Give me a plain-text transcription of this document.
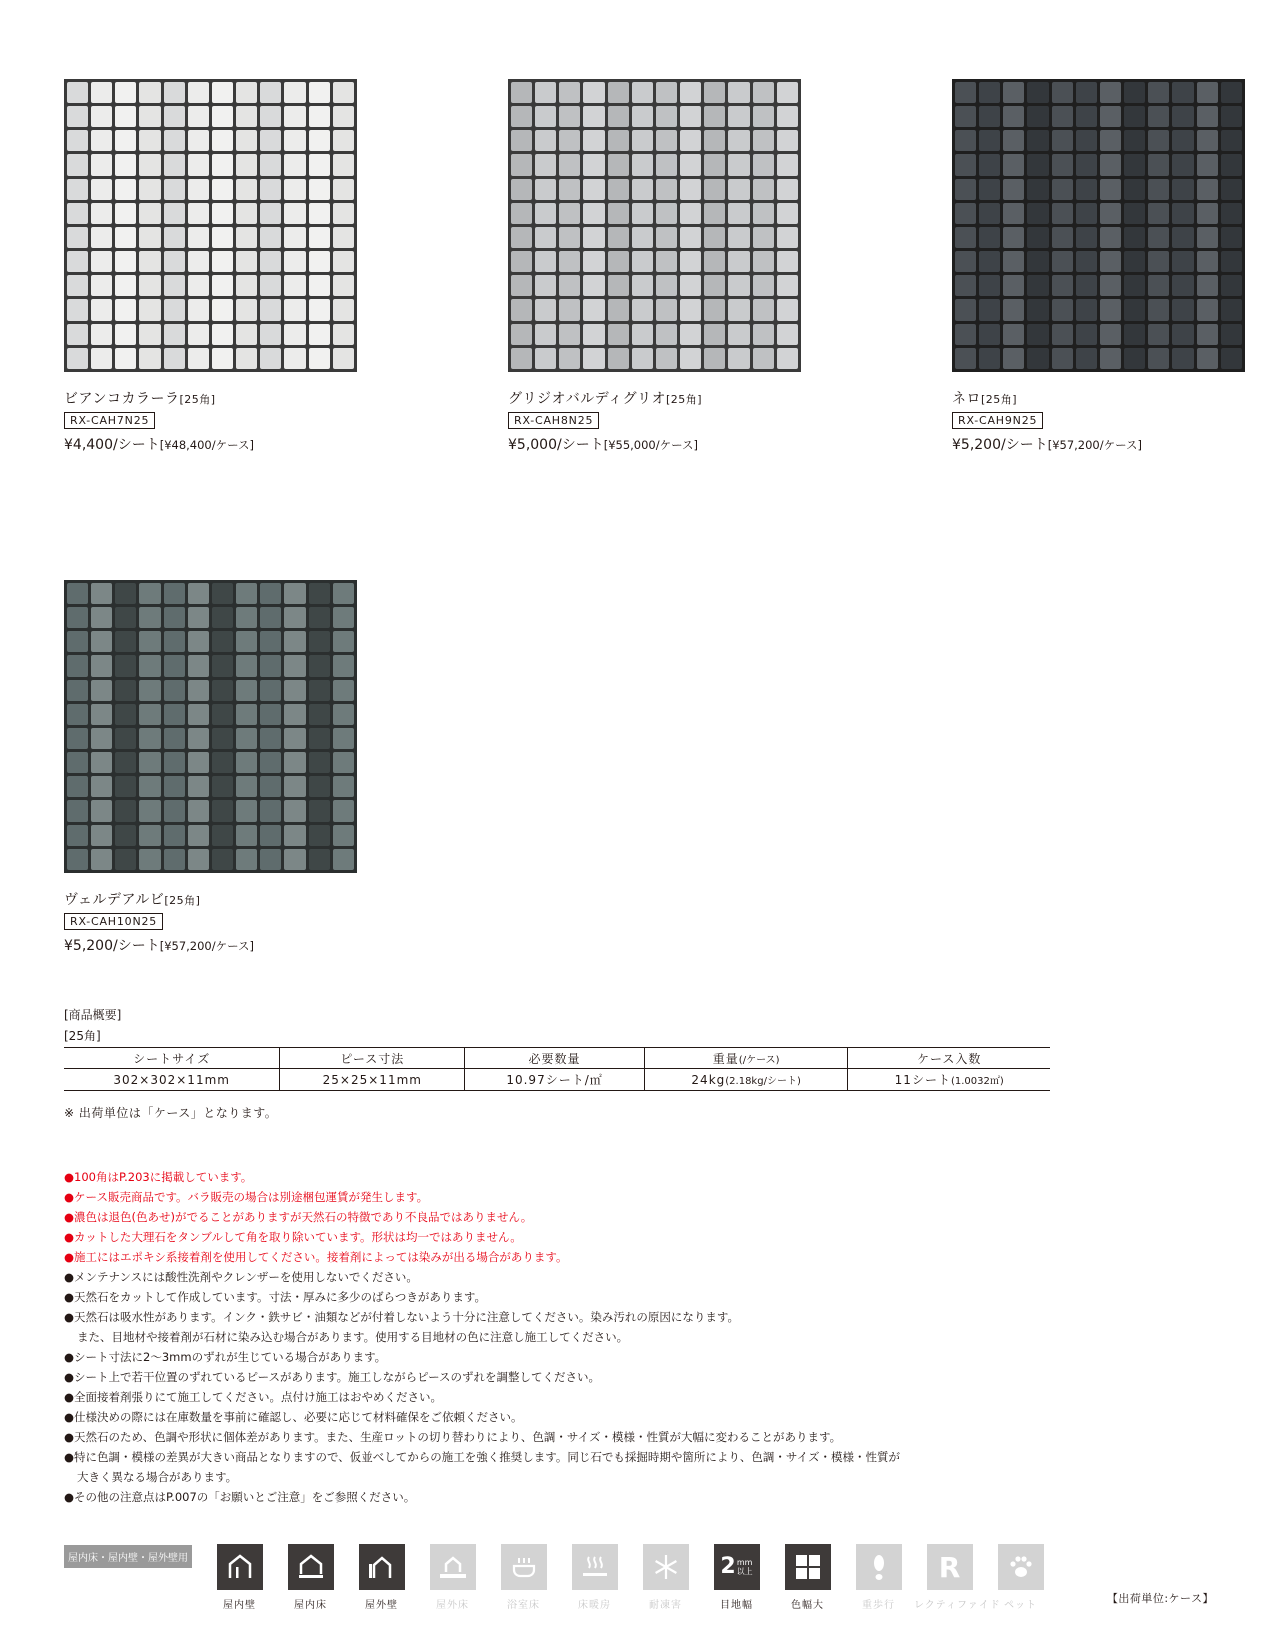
ビアンコカラーラ[25角]
RX-CAH7N25
¥4,400/シート[¥48,400/ケース]
グリジオバルディグリオ[25角]
RX-CAH8N25
¥5,000/シート[¥55,000/ケース]
ネロ[25角]
RX-CAH9N25
¥5,200/シート[¥57,200/ケース]
ヴェルデアルビ[25角]
RX-CAH10N25
¥5,200/シート[¥57,200/ケース]
[商品概要]
[25角]
シートサイズ	ピース寸法	必要数量	重量(/ケース)	ケース入数
302×302×11mm	25×25×11mm	10.97シート/㎡	24kg(2.18kg/シート)	11シート(1.0032㎡)
※ 出荷単位は「ケース」となります。
●100角はP.203に掲載しています。
●ケース販売商品です。バラ販売の場合は別途梱包運賃が発生します。
●濃色は退色(色あせ)がでることがありますが天然石の特徴であり不良品ではありません。
●カットした大理石をタンブルして角を取り除いています。形状は均一ではありません。
●施工にはエポキシ系接着剤を使用してください。接着剤によっては染みが出る場合があります。
●メンテナンスには酸性洗剤やクレンザーを使用しないでください。
●天然石をカットして作成しています。寸法・厚みに多少のばらつきがあります。
●天然石は吸水性があります。インク・鉄サビ・油類などが付着しないよう十分に注意してください。染み汚れの原因になります。
また、目地材や接着剤が石材に染み込む場合があります。使用する目地材の色に注意し施工してください。
●シート寸法に2～3mmのずれが生じている場合があります。
●シート上で若干位置のずれているピースがあります。施工しながらピースのずれを調整してください。
●全面接着剤張りにて施工してください。点付け施工はおやめください。
●仕様決めの際には在庫数量を事前に確認し、必要に応じて材料確保をご依頼ください。
●天然石のため、色調や形状に個体差があります。また、生産ロットの切り替わりにより、色調・サイズ・模様・性質が大幅に変わることがあります。
●特に色調・模様の差異が大きい商品となりますので、仮並べしてからの施工を強く推奨します。同じ石でも採掘時期や箇所により、色調・サイズ・模様・性質が
大きく異なる場合があります。
●その他の注意点はP.007の「お願いとご注意」をご参照ください。
屋内床・屋内壁・屋外壁用
屋内壁	屋内床	屋外壁	屋外床	浴室床	床暖房	耐凍害
2 mm
以上
目地幅	色幅大	重歩行
R
レクティファイド ペット
【出荷単位:ケース】
